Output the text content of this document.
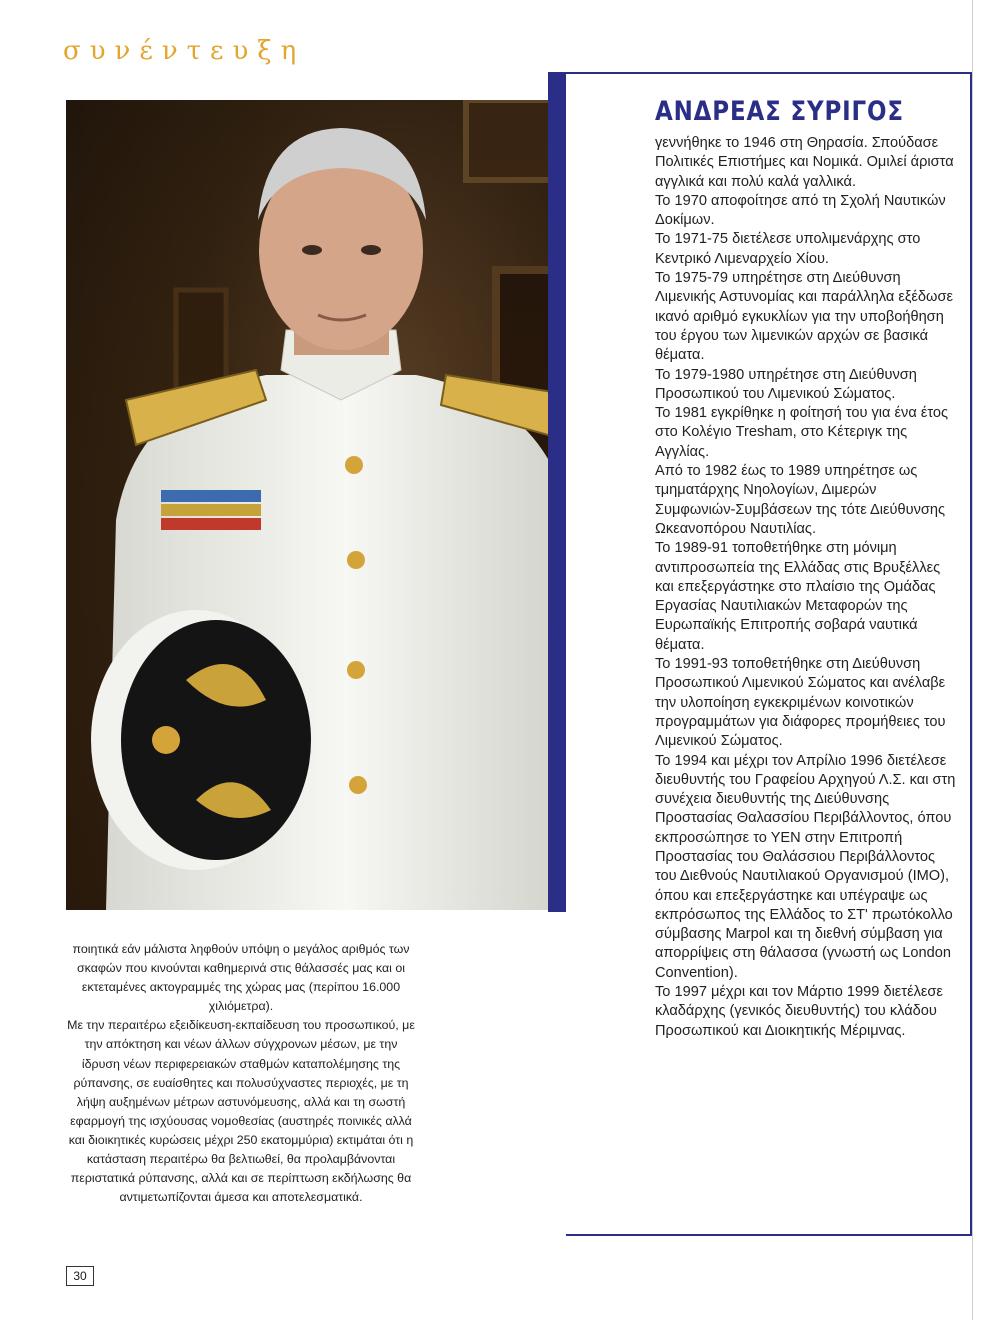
συνέντευξη
ΑΝΔΡΕΑΣ ΣΥΡΙΓΟΣ

γεννήθηκε το 1946 στη Θηρασία. Σπούδασε Πολιτικές Επιστήμες και Νομικά. Ομιλεί άριστα αγγλικά και πολύ καλά γαλλικά.

Το 1970 αποφοίτησε από τη Σχολή Ναυτικών Δοκίμων.

Το 1971-75 διετέλεσε υπολιμενάρχης στο Κεντρικό Λιμεναρχείο Χίου.

Το 1975-79 υπηρέτησε στη Διεύθυνση Λιμενικής Αστυνομίας και παράλληλα εξέδωσε ικανό αριθμό εγκυκλίων για την υποβοήθηση του έργου των λιμενικών αρχών σε βασικά θέματα.

Το 1979-1980 υπηρέτησε στη Διεύθυνση Προσωπικού του Λιμενικού Σώματος.

Το 1981 εγκρίθηκε η φοίτησή του για ένα έτος στο Κολέγιο Tresham, στο Κέτεριγκ της Αγγλίας.

Από το 1982 έως το 1989 υπηρέτησε ως τμηματάρχης Νηολογίων, Διμερών Συμφωνιών-Συμβάσεων της τότε Διεύθυνσης Ωκεανοπόρου Ναυτιλίας.

Το 1989-91 τοποθετήθηκε στη μόνιμη αντιπροσωπεία της Ελλάδας στις Βρυξέλλες και επεξεργάστηκε στο πλαίσιο της Ομάδας Εργασίας Ναυτιλιακών Μεταφορών της Ευρωπαϊκής Επιτροπής σοβαρά ναυτικά θέματα.

Το 1991-93 τοποθετήθηκε στη Διεύθυνση Προσωπικού Λιμενικού Σώματος και ανέλαβε την υλοποίηση εγκεκριμένων κοινοτικών προγραμμάτων για διάφορες προμήθειες του Λιμενικού Σώματος.

Το 1994 και μέχρι τον Απρίλιο 1996 διετέλεσε διευθυντής του Γραφείου Αρχηγού Λ.Σ. και στη συνέχεια διευθυντής της Διεύθυνσης Προστασίας Θαλασσίου Περιβάλλοντος, όπου εκπροσώπησε το ΥΕΝ στην Επιτροπή Προστασίας του Θαλάσσιου Περιβάλλοντος του Διεθνούς Ναυτιλιακού Οργανισμού (ΙΜΟ), όπου και επεξεργάστηκε και υπέγραψε ως εκπρόσωπος της Ελλάδος το ΣΤ' πρωτόκολλο σύμβασης Marpol και τη διεθνή σύμβαση για απορρίψεις στη θάλασσα (γνωστή ως London Convention).

Το 1997 μέχρι και τον Μάρτιο 1999 διετέλεσε κλαδάρχης (γενικός διευθυντής) του κλάδου Προσωπικού και Διοικητικής Μέριμνας.

ποιητικά εάν μάλιστα ληφθούν υπόψη ο μεγάλος αριθμός των σκαφών που κινούνται καθημερινά στις θάλασσές μας και οι εκτεταμένες ακτογραμμές της χώρας μας (περίπου 16.000 χιλιόμετρα).

Με την περαιτέρω εξειδίκευση-εκπαίδευση του προσωπικού, με την απόκτηση και νέων άλλων σύγχρονων μέσων, με την ίδρυση νέων περιφερειακών σταθμών καταπολέμησης της ρύπανσης, σε ευαίσθητες και πολυσύχναστες περιοχές, με τη λήψη αυξημένων μέτρων αστυνόμευσης, αλλά και τη σωστή εφαρμογή της ισχύουσας νομοθεσίας (αυστηρές ποινικές αλλά και διοικητικές κυρώσεις μέχρι 250 εκατομμύρια) εκτιμάται ότι η κατάσταση περαιτέρω θα βελτιωθεί, θα προλαμβάνονται περιστατικά ρύπανσης, αλλά και σε περίπτωση εκδήλωσης θα αντιμετωπίζονται άμεσα και αποτελεσματικά.

30
